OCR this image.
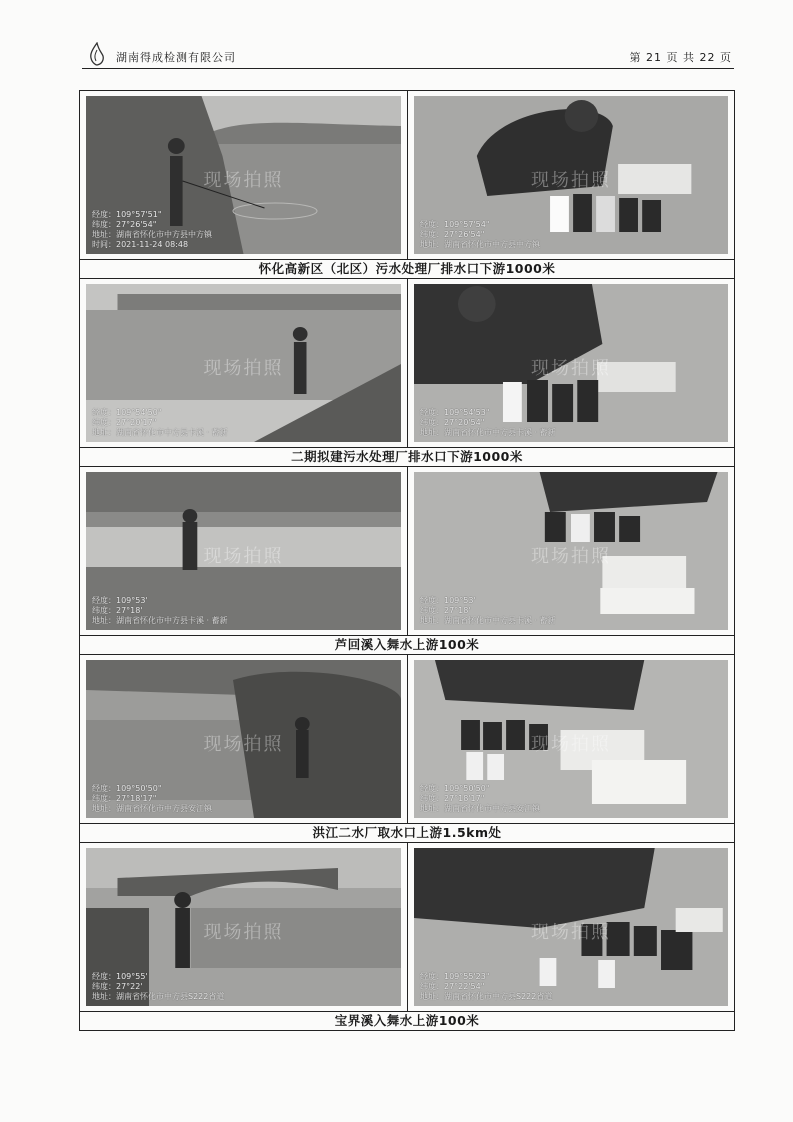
湖南得成检测有限公司	第 21 页 共 22 页
现场拍照
经度：109°57'51"
纬度：27°26'54"
地址：湖南省怀化市中方县中方镇
时间：2021-11-24 08:48
现场拍照
经度：109°57'54"
纬度：27°26'54"
地址：湖南省怀化市中方县中方镇
怀化高新区（北区）污水处理厂排水口下游1000米
现场拍照
经度：109°54'50"
纬度：27°20'17"
地址：湖南省怀化市中方县卡溪 · 蓄新
现场拍照
经度：109°54'53"
纬度：27°20'54"
地址：湖南省怀化市中方县卡溪 · 蓄新
二期拟建污水处理厂排水口下游1000米
现场拍照
经度：109°53'
纬度：27°18'
地址：湖南省怀化市中方县卡溪 · 蓄新
现场拍照
经度：109°53'
纬度：27°18'
地址：湖南省怀化市中方县卡溪 · 蓄新
芦回溪入舞水上游100米
现场拍照
经度：109°50'50"
纬度：27°18'17"
地址：湖南省怀化市中方县安江镇
现场拍照
经度：109°50'50"
纬度：27°18'17"
地址：湖南省怀化市中方县安江镇
洪江二水厂取水口上游1.5km处
现场拍照
经度：109°55'
纬度：27°22'
地址：湖南省怀化市中方县S222省道
现场拍照
经度：109°55'23"
纬度：27°22'54"
地址：湖南省怀化市中方县S222省道
宝界溪入舞水上游100米
